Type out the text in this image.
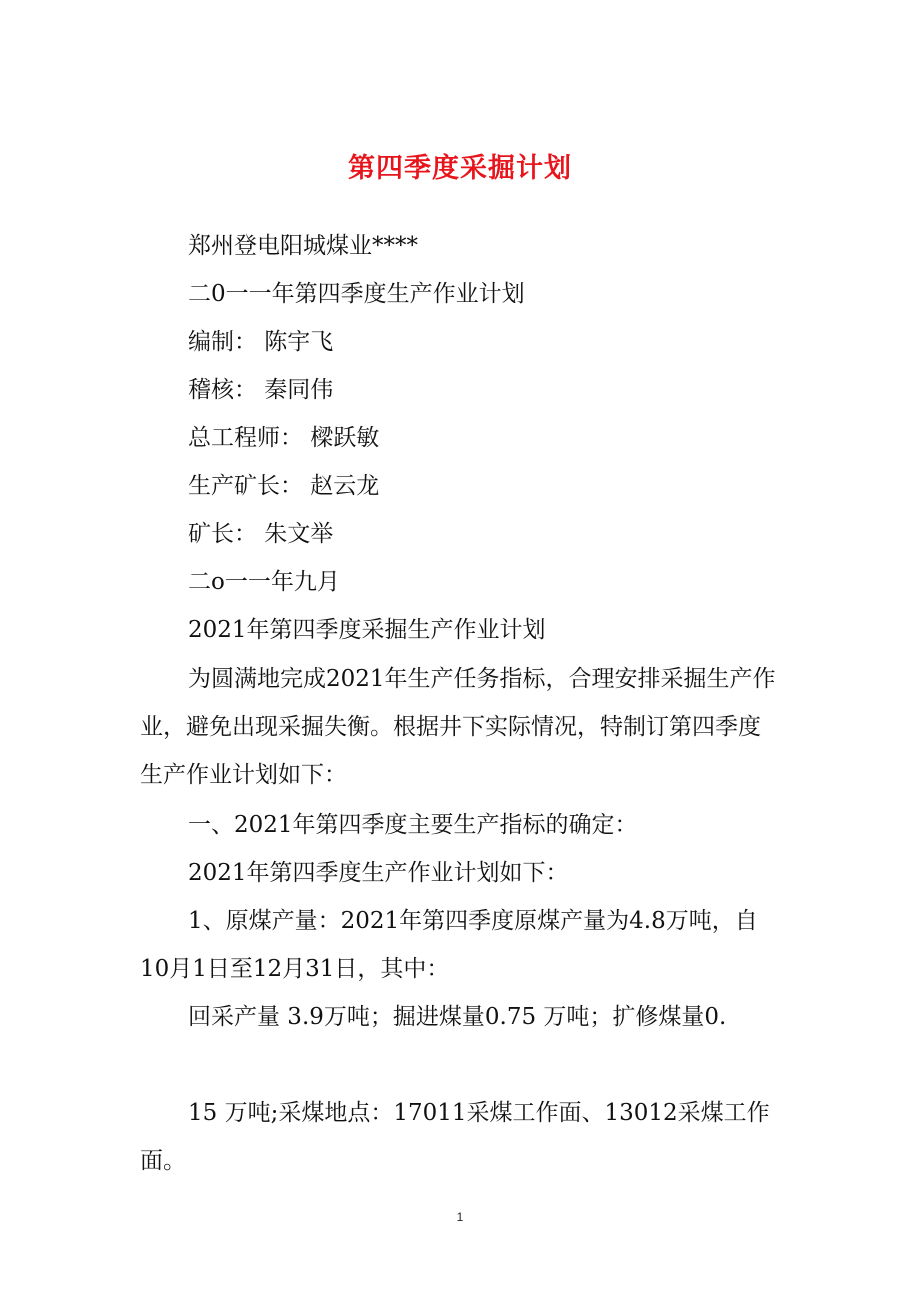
第四季度采掘计划
郑州登电阳城煤业****
二0一一年第四季度生产作业计划
编制： 陈宇飞
稽核： 秦同伟
总工程师： 樑跃敏
生产矿长： 赵云龙
矿长： 朱文举
二o一一年九月
2021年第四季度采掘生产作业计划
为圆满地完成2021年生产任务指标，合理安排采掘生产作业，避免出现采掘失衡。根据井下实际情况，特制订第四季度生产作业计划如下：
一、2021年第四季度主要生产指标的确定：
2021年第四季度生产作业计划如下：
1、原煤产量：2021年第四季度原煤产量为4.8万吨，自10月1日至12月31日，其中：
回采产量 3.9万吨；掘进煤量0.75 万吨；扩修煤量0.
15 万吨;采煤地点：17011采煤工作面、13012采煤工作面。
1
